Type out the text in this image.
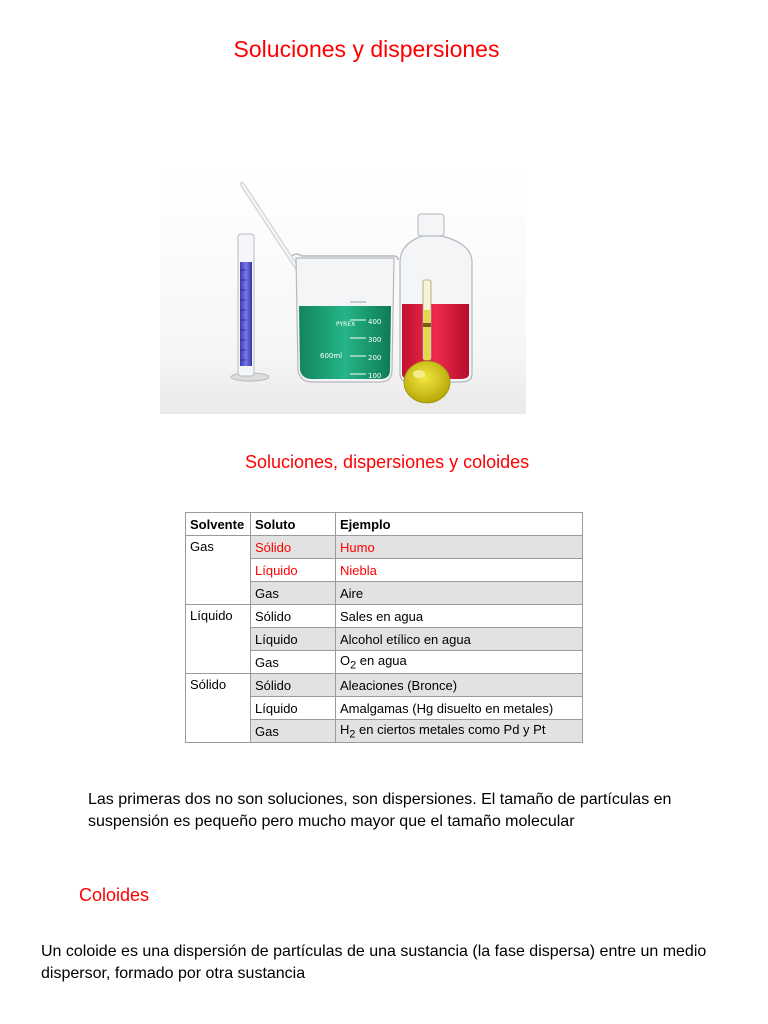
Soluciones y dispersiones
400
300
200
100
600ml
PYREX
Soluciones, dispersiones y coloides
Solvente	Soluto	Ejemplo
Gas	Sólido	Humo
	Líquido	Niebla
	Gas	Aire
Líquido	Sólido	Sales en agua
	Líquido	Alcohol etílico en agua
	Gas	$O_2$ en agua
Sólido	Sólido	Aleaciones (Bronce)
	Líquido	Amalgamas (Hg disuelto en metales)
	Gas	$H_2$ en ciertos metales como Pd y Pt
Las primeras dos no son soluciones, son dispersiones. El tamaño de partículas en suspensión es pequeño pero mucho mayor que el tamaño molecular
Coloides
Un coloide es una dispersión de partículas de una sustancia (la fase dispersa) entre un medio dispersor, formado por otra sustancia
